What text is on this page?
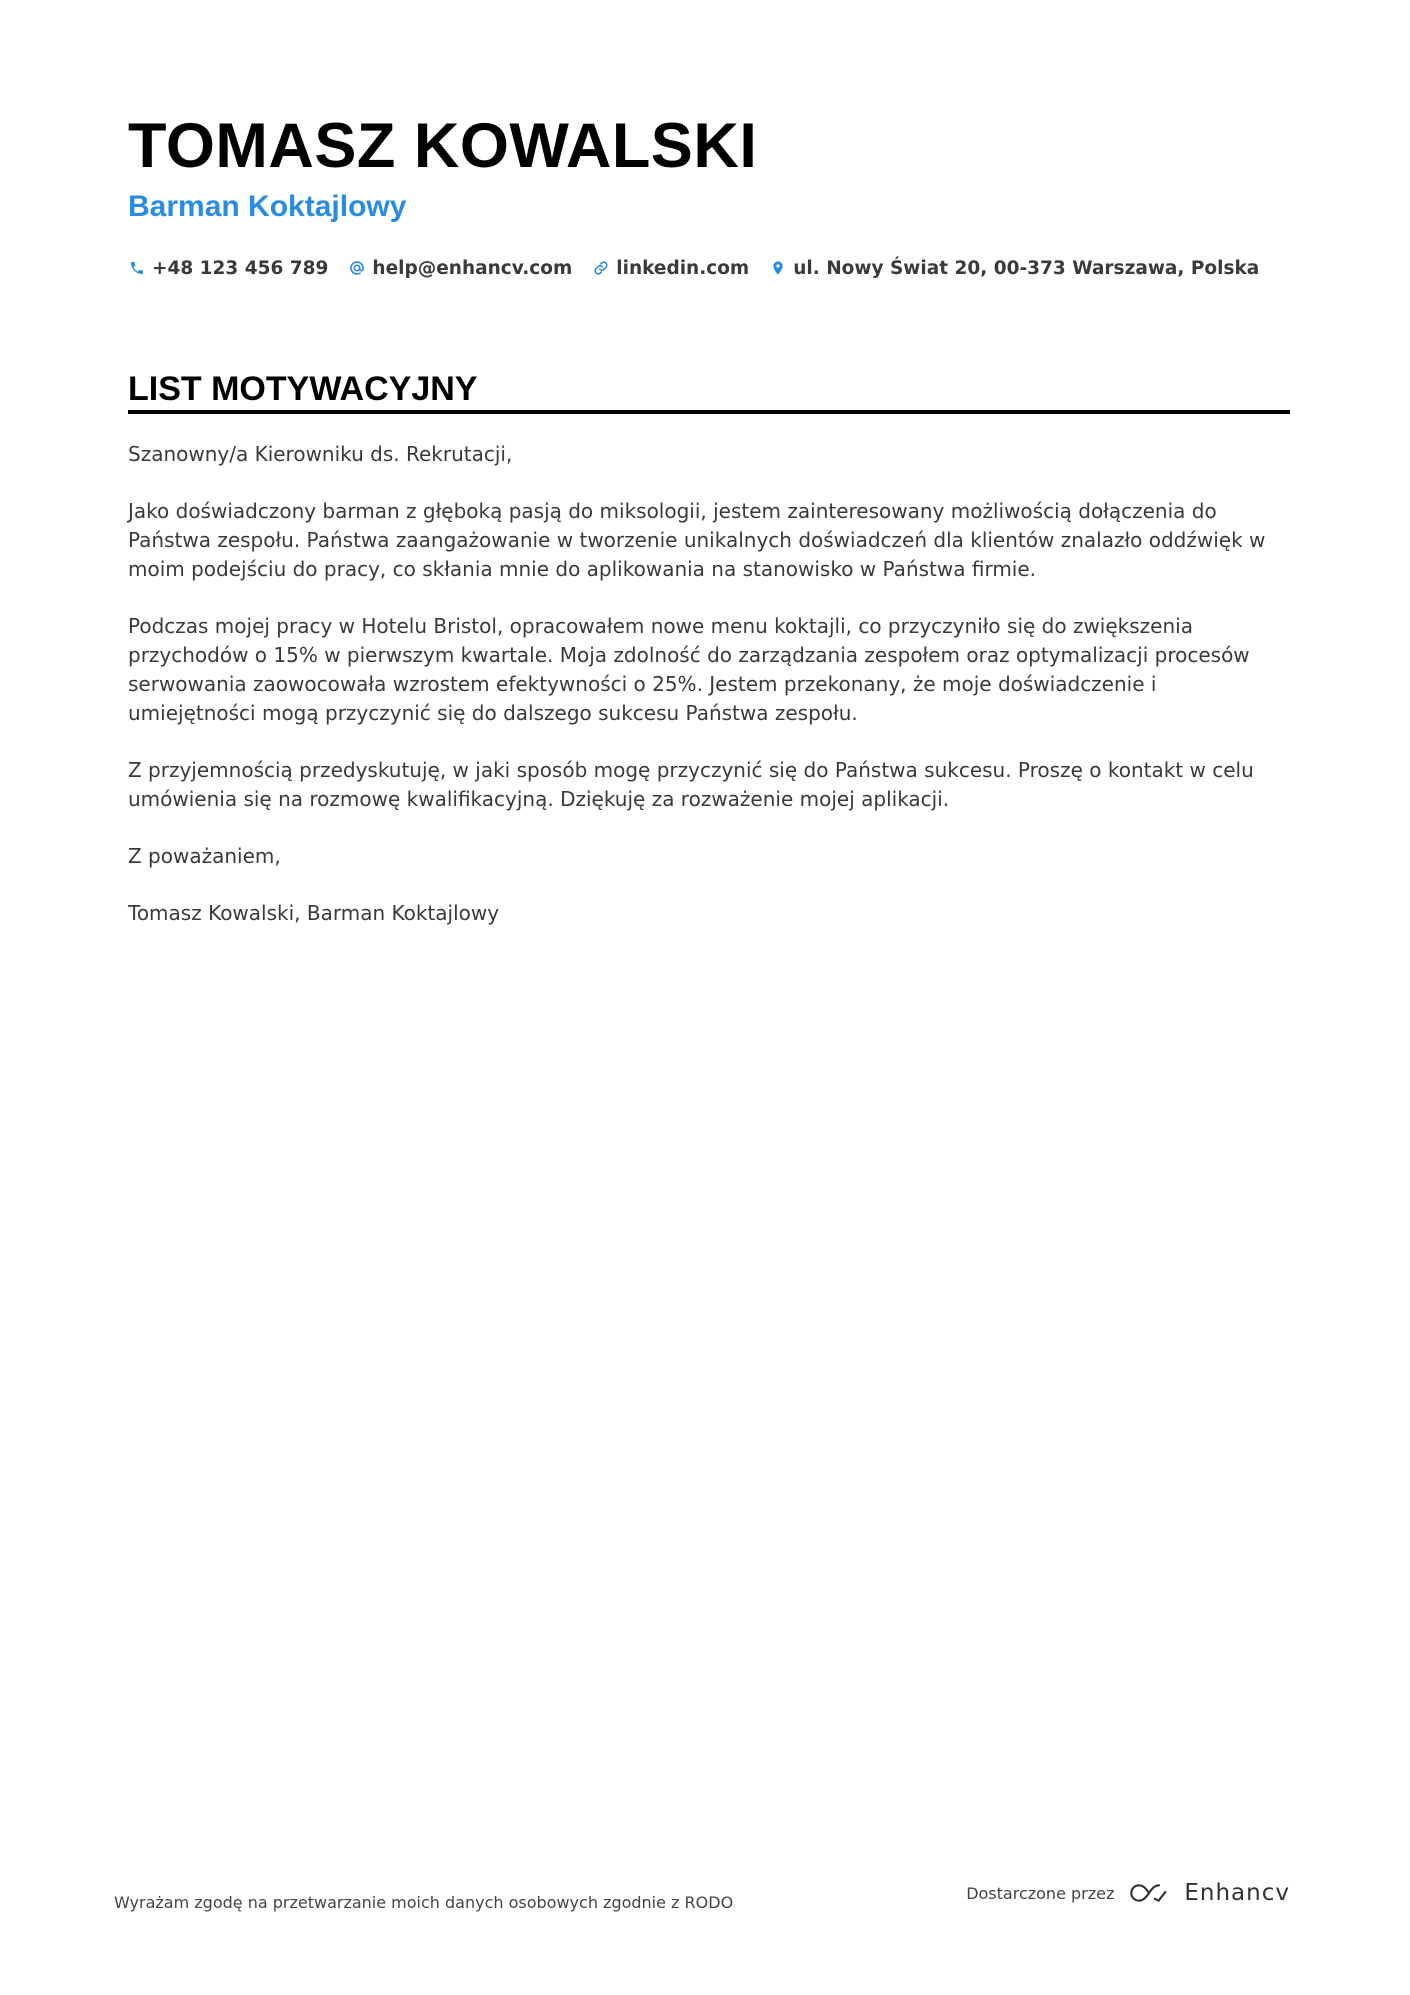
TOMASZ KOWALSKI
Barman Koktajlowy
+48 123 456 789 help@enhancv.com linkedin.com ul. Nowy Świat 20, 00-373 Warszawa, Polska
LIST MOTYWACYJNY

Szanowny/a Kierowniku ds. Rekrutacji,

Jako doświadczony barman z głęboką pasją do miksologii, jestem zainteresowany możliwością dołączenia do Państwa zespołu. Państwa zaangażowanie w tworzenie unikalnych doświadczeń dla klientów znalazło oddźwięk w moim podejściu do pracy, co skłania mnie do aplikowania na stanowisko w Państwa firmie.

Podczas mojej pracy w Hotelu Bristol, opracowałem nowe menu koktajli, co przyczyniło się do zwiększenia przychodów o 15% w pierwszym kwartale. Moja zdolność do zarządzania zespołem oraz optymalizacji procesów serwowania zaowocowała wzrostem efektywności o 25%. Jestem przekonany, że moje doświadczenie i umiejętności mogą przyczynić się do dalszego sukcesu Państwa zespołu.

Z przyjemnością przedyskutuję, w jaki sposób mogę przyczynić się do Państwa sukcesu. Proszę o kontakt w celu umówienia się na rozmowę kwalifikacyjną. Dziękuję za rozważenie mojej aplikacji.

Z poważaniem,

Tomasz Kowalski, Barman Koktajlowy

Wyrażam zgodę na przetwarzanie moich danych osobowych zgodnie z RODO	Dostarczone przez	Enhancv
